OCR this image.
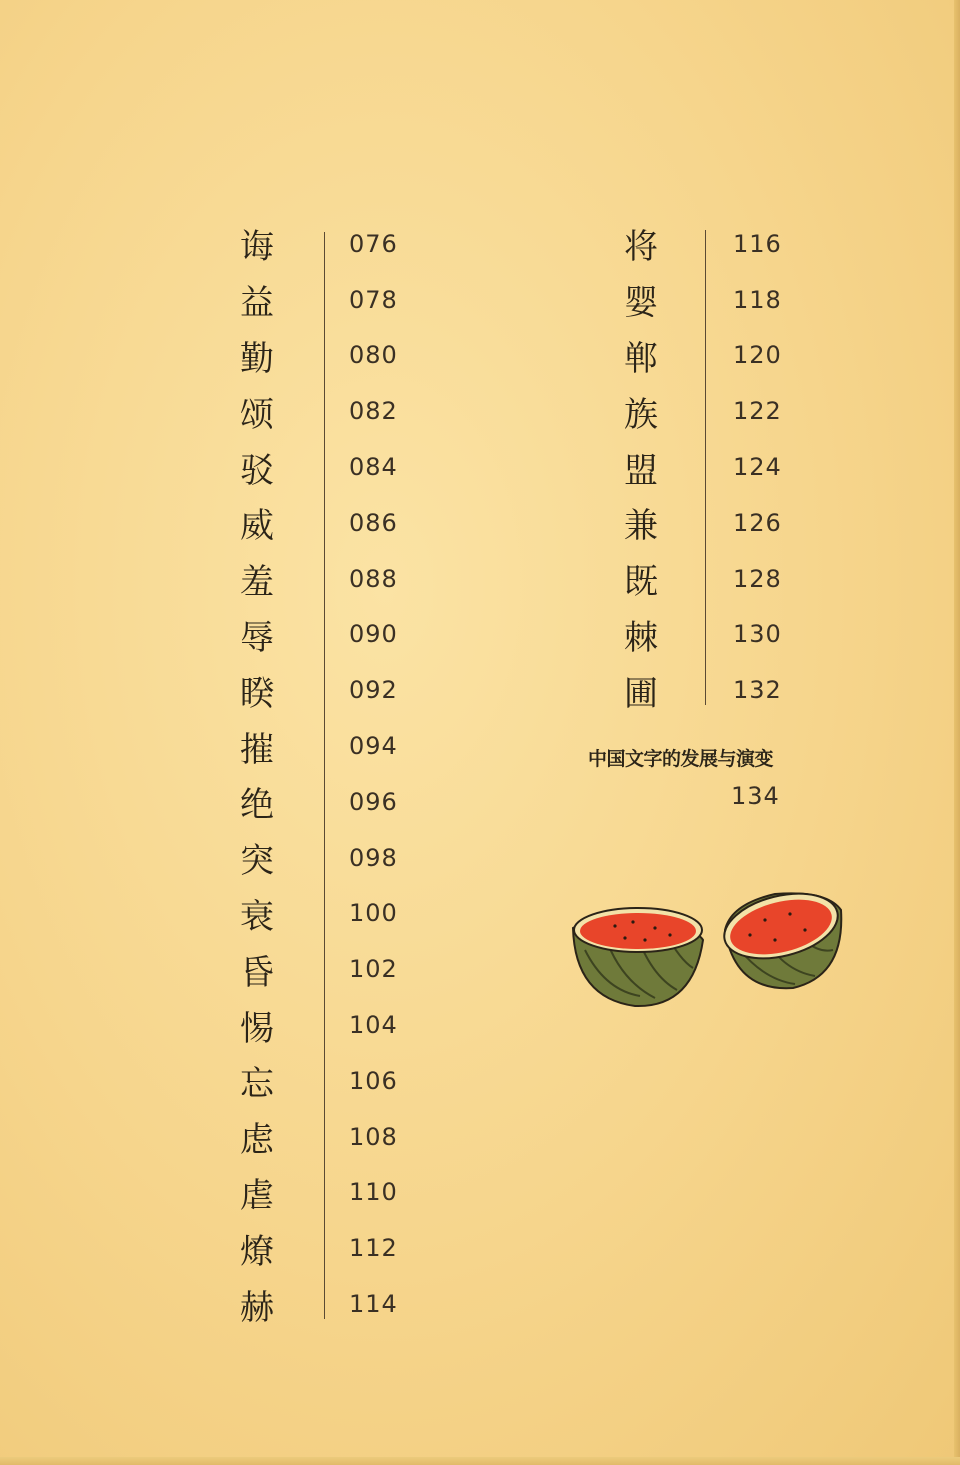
诲	076
益	078
勤	080
颂	082
驳	084
威	086
羞	088
辱	090
睽	092
摧	094
绝	096
突	098
衰	100
昏	102
惕	104
忘	106
虑	108
虐	110
燎	112
赫	114
将	116
婴	118
郸	120
族	122
盟	124
兼	126
既	128
棘	130
圃	132
中国文字的发展与演变
134
